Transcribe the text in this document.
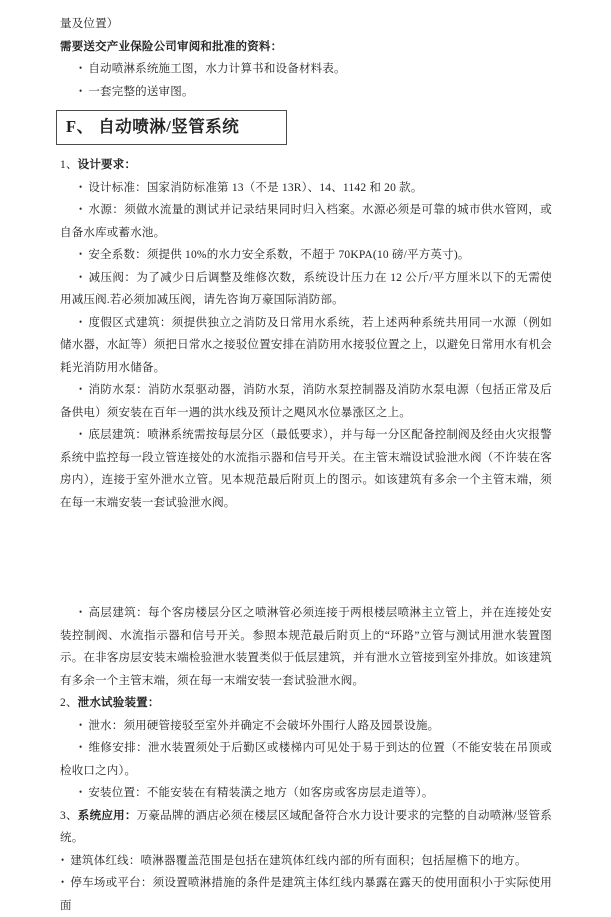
量及位置）

需要送交产业保险公司审阅和批准的资料：

• 自动喷淋系统施工图，水力计算书和设备材料表。

• 一套完整的送审图。

F、 自动喷淋/竖管系统

1、设计要求：

• 设计标准：国家消防标准第 13（不是 13R）、14、1142 和 20 款。

• 水源：须做水流量的测试并记录结果同时归入档案。水源必须是可靠的城市供水管网，或自备水库或蓄水池。

• 安全系数：须提供 10%的水力安全系数，不超于 70KPA(10 磅/平方英寸)。

• 减压阀：为了减少日后调整及维修次数，系统设计压力在 12 公斤/平方厘米以下的无需使用减压阀.若必须加减压阀，请先咨询万豪国际消防部。

• 度假区式建筑：须提供独立之消防及日常用水系统，若上述两种系统共用同一水源（例如储水器，水缸等）须把日常水之接驳位置安排在消防用水接驳位置之上，以避免日常用水有机会耗光消防用水储备。

• 消防水泵：消防水泵驱动器，消防水泵，消防水泵控制器及消防水泵电源（包括正常及后备供电）须安装在百年一遇的洪水线及预计之飓风水位暴涨区之上。

• 底层建筑：喷淋系统需按每层分区（最低要求），并与每一分区配备控制阀及经由火灾报警系统中监控每一段立管连接处的水流指示器和信号开关。在主管末端设试验泄水阀（不许装在客房内），连接于室外泄水立管。见本规范最后附页上的图示。如该建筑有多余一个主管末端，须在每一末端安装一套试验泄水阀。

• 高层建筑：每个客房楼层分区之喷淋管必须连接于两根楼层喷淋主立管上，并在连接处安装控制阀、水流指示器和信号开关。参照本规范最后附页上的“环路”立管与测试用泄水装置图示。在非客房层安装末端检验泄水装置类似于低层建筑，并有泄水立管接到室外排放。如该建筑有多余一个主管末端，须在每一末端安装一套试验泄水阀。

2、泄水试验装置：

• 泄水：须用硬管接驳至室外并确定不会破坏外围行人路及园景设施。

• 维修安排：泄水装置须处于后勤区或楼梯内可见处于易于到达的位置（不能安装在吊顶或检收口之内）。

• 安装位置：不能安装在有精装潢之地方（如客房或客房层走道等）。

3、系统应用：万豪品牌的酒店必须在楼层区域配备符合水力设计要求的完整的自动喷淋/竖管系统。

• 建筑体红线：喷淋器覆盖范围是包括在建筑体红线内部的所有面积；包括屋檐下的地方。

• 停车场或平台：须设置喷淋措施的条件是建筑主体红线内暴露在露天的使用面积小于实际使用面
